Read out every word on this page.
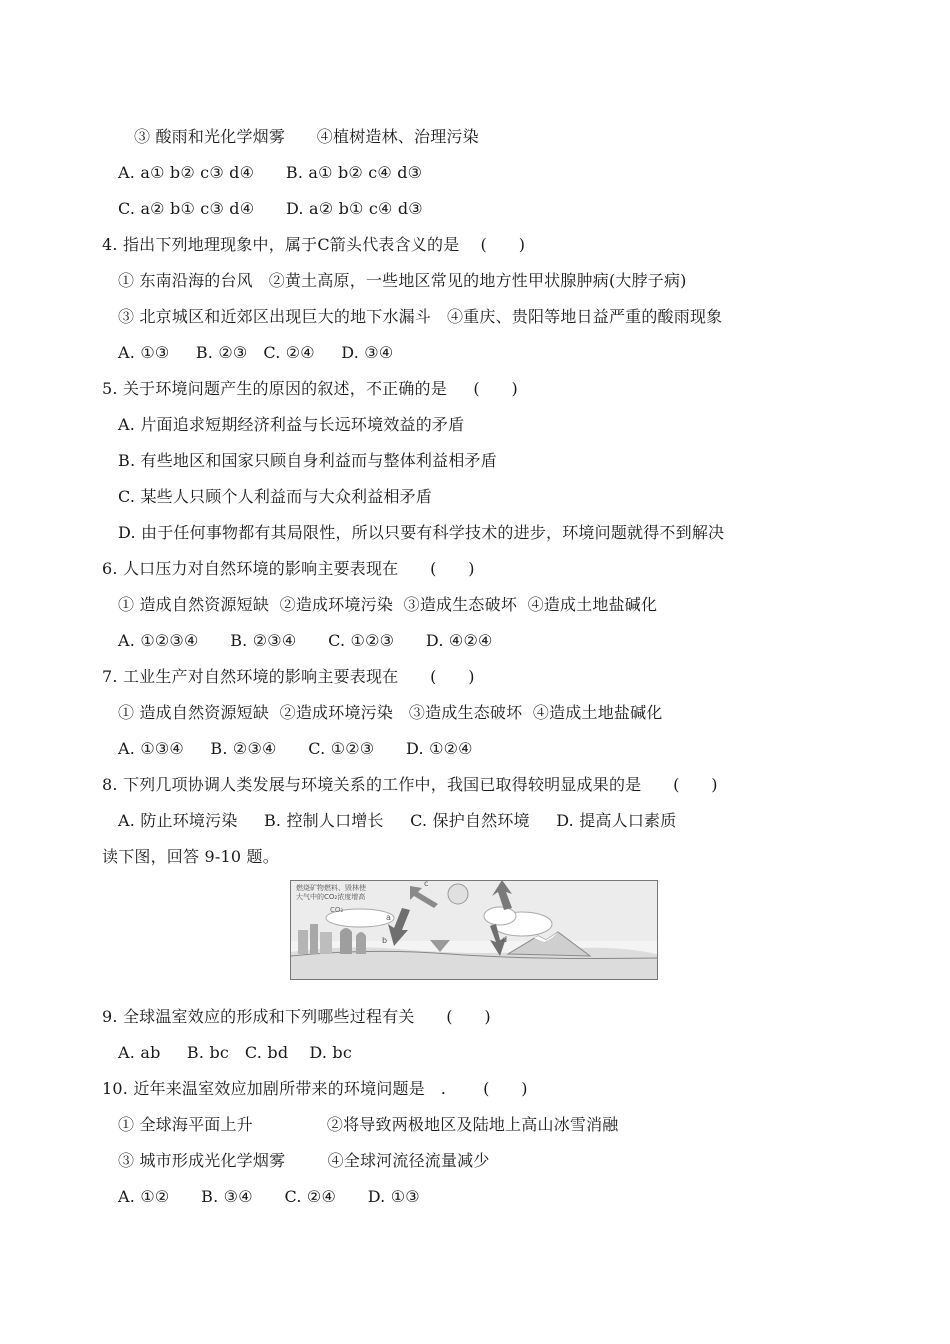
③ 酸雨和光化学烟雾      ④植树造林、治理污染
A. a① b② c③ d④      B. a① b② c④ d③
C. a② b① c③ d④      D. a② b① c④ d③
4. 指出下列地理现象中，属于C箭头代表含义的是    (      )
① 东南沿海的台风   ②黄土高原，一些地区常见的地方性甲状腺肿病(大脖子病)
③ 北京城区和近郊区出现巨大的地下水漏斗   ④重庆、贵阳等地日益严重的酸雨现象
A. ①③     B. ②③   C. ②④     D. ③④
5. 关于环境问题产生的原因的叙述，不正确的是     (      )
A. 片面追求短期经济利益与长远环境效益的矛盾
B. 有些地区和国家只顾自身利益而与整体利益相矛盾
C. 某些人只顾个人利益而与大众利益相矛盾
D. 由于任何事物都有其局限性，所以只要有科学技术的进步，环境问题就得不到解决
6. 人口压力对自然环境的影响主要表现在      (      )
① 造成自然资源短缺  ②造成环境污染  ③造成生态破坏  ④造成土地盐碱化
A. ①②③④      B. ②③④      C. ①②③      D. ④②④
7. 工业生产对自然环境的影响主要表现在      (      )
① 造成自然资源短缺  ②造成环境污染   ③造成生态破坏  ④造成土地盐碱化
A. ①③④     B. ②③④      C. ①②③      D. ①②④
8. 下列几项协调人类发展与环境关系的工作中，我国已取得较明显成果的是      (      )
A. 防止环境污染     B. 控制人口增长     C. 保护自然环境     D. 提高人口素质
读下图，回答 9-10 题。
燃烧矿物燃料、毁林使
大气中的CO₂浓度增高
CO₂
a
b
c
d
9. 全球温室效应的形成和下列哪些过程有关      (      )
A. ab     B. bc   C. bd    D. bc
10. 近年来温室效应加剧所带来的环境问题是   .       (      )
① 全球海平面上升              ②将导致两极地区及陆地上高山冰雪消融
③ 城市形成光化学烟雾        ④全球河流径流量减少
A. ①②      B. ③④      C. ②④      D. ①③
